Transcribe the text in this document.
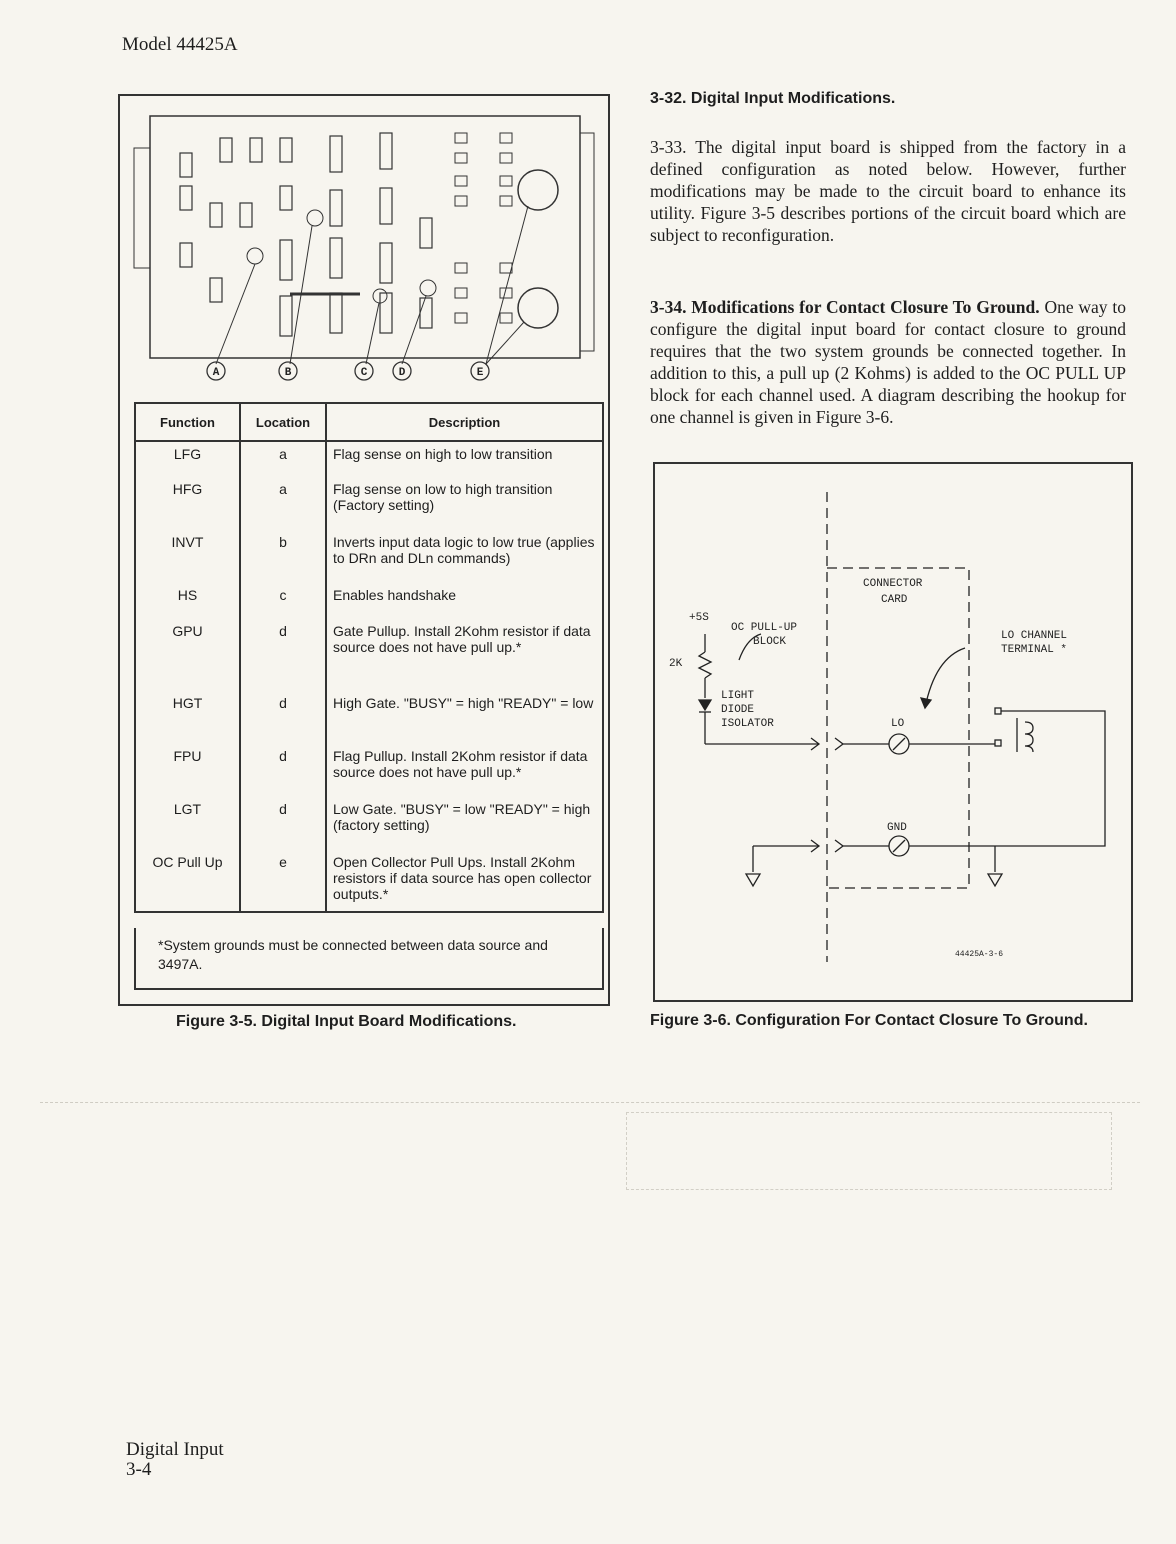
Model 44425A
A	B	C	D	E
Function	Location	Description
LFG	a	Flag sense on high to low transition
HFG	a	Flag sense on low to high transition (Factory setting)
INVT	b	Inverts input data logic to low true (applies to DRn and DLn commands)
HS	c	Enables handshake
GPU	d	Gate Pullup. Install 2Kohm resistor if data source does not have pull up.*
HGT	d	High Gate. "BUSY" = high "READY" = low
FPU	d	Flag Pullup. Install 2Kohm resistor if data source does not have pull up.*
LGT	d	Low Gate. "BUSY" = low "READY" = high (factory setting)
OC Pull Up	e	Open Collector Pull Ups. Install 2Kohm resistors if data source has open collector outputs.*
*System grounds must be connected between data source and 3497A.
Figure 3-5. Digital Input Board Modifications.
3-32. Digital Input Modifications.
3-33. The digital input board is shipped from the factory in a defined configuration as noted below. However, further modifications may be made to the circuit board to enhance its utility. Figure 3-5 describes portions of the circuit board which are subject to reconfiguration.
3-34. Modifications for Contact Closure To Ground. One way to configure the digital input board for contact closure to ground requires that the two system grounds be connected together. In addition to this, a pull up (2 Kohms) is added to the OC PULL UP block for each channel used. A diagram describing the hookup for one channel is given in Figure 3-6.
CONNECTOR
CARD
+5S
OC PULL-UP
BLOCK
2K
LIGHT
DIODE
ISOLATOR
LO CHANNEL
TERMINAL *
LO
GND
44425A-3-6
Figure 3-6. Configuration For Contact Closure To Ground.
Digital Input
3-4
